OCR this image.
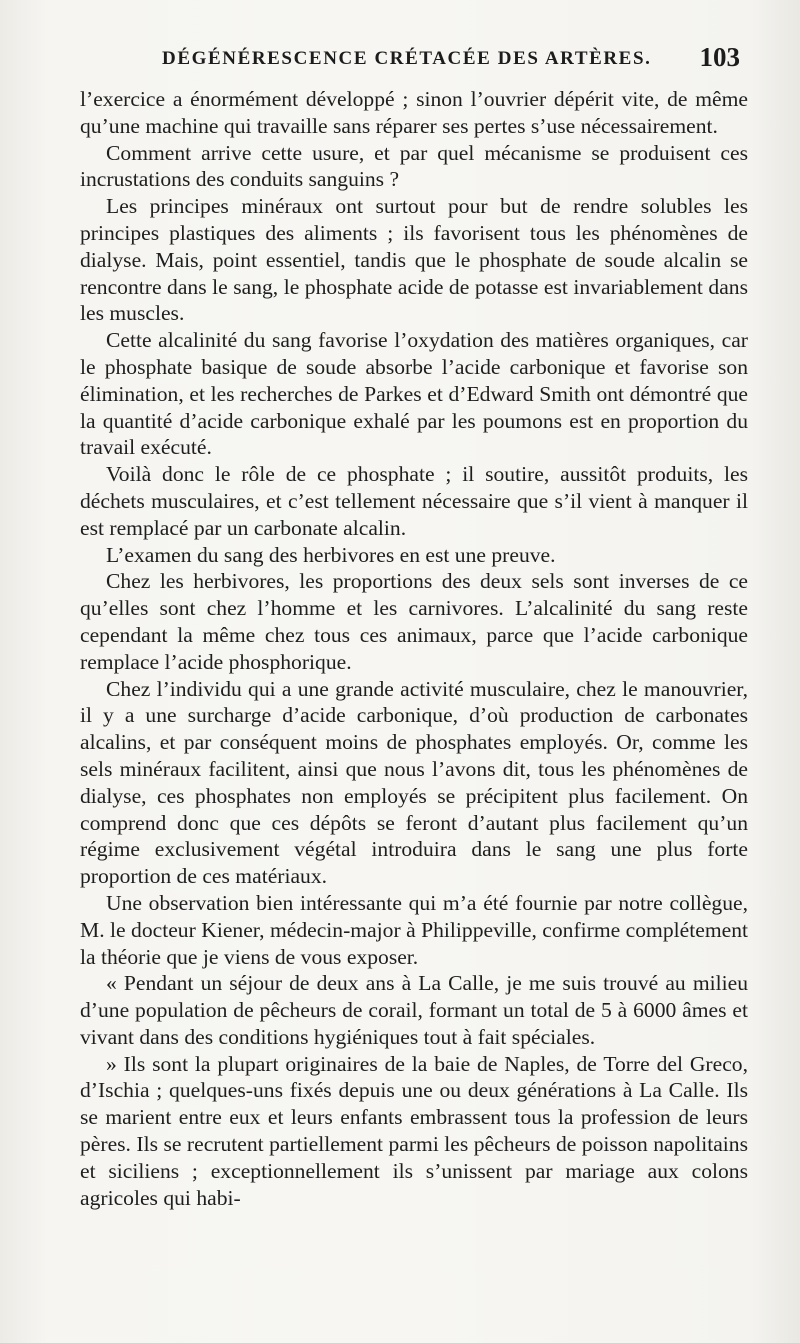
DÉGÉNÉRESCENCE CRÉTACÉE DES ARTÈRES. 103

l’exercice a énormément développé ; sinon l’ouvrier dépérit vite, de même qu’une machine qui travaille sans réparer ses pertes s’use nécessairement.

Comment arrive cette usure, et par quel mécanisme se produisent ces incrustations des conduits sanguins ?

Les principes minéraux ont surtout pour but de rendre solubles les principes plastiques des aliments ; ils favorisent tous les phénomènes de dialyse. Mais, point essentiel, tandis que le phosphate de soude alcalin se rencontre dans le sang, le phosphate acide de potasse est invariablement dans les muscles.

Cette alcalinité du sang favorise l’oxydation des matières organiques, car le phosphate basique de soude absorbe l’acide carbonique et favorise son élimination, et les recherches de Parkes et d’Edward Smith ont démontré que la quantité d’acide carbonique exhalé par les poumons est en proportion du travail exécuté.

Voilà donc le rôle de ce phosphate ; il soutire, aussitôt produits, les déchets musculaires, et c’est tellement nécessaire que s’il vient à manquer il est remplacé par un carbonate alcalin.

L’examen du sang des herbivores en est une preuve.

Chez les herbivores, les proportions des deux sels sont inverses de ce qu’elles sont chez l’homme et les carnivores. L’alcalinité du sang reste cependant la même chez tous ces animaux, parce que l’acide carbonique remplace l’acide phosphorique.

Chez l’individu qui a une grande activité musculaire, chez le manouvrier, il y a une surcharge d’acide carbonique, d’où production de carbonates alcalins, et par conséquent moins de phosphates employés. Or, comme les sels minéraux facilitent, ainsi que nous l’avons dit, tous les phénomènes de dialyse, ces phosphates non employés se précipitent plus facilement. On comprend donc que ces dépôts se feront d’autant plus facilement qu’un régime exclusivement végétal introduira dans le sang une plus forte proportion de ces matériaux.

Une observation bien intéressante qui m’a été fournie par notre collègue, M. le docteur Kiener, médecin-major à Philippeville, confirme complétement la théorie que je viens de vous exposer.

« Pendant un séjour de deux ans à La Calle, je me suis trouvé au milieu d’une population de pêcheurs de corail, formant un total de 5 à 6000 âmes et vivant dans des conditions hygiéniques tout à fait spéciales.

» Ils sont la plupart originaires de la baie de Naples, de Torre del Greco, d’Ischia ; quelques-uns fixés depuis une ou deux générations à La Calle. Ils se marient entre eux et leurs enfants embrassent tous la profession de leurs pères. Ils se recrutent partiellement parmi les pêcheurs de poisson napolitains et siciliens ; exceptionnellement ils s’unissent par mariage aux colons agricoles qui habi-
